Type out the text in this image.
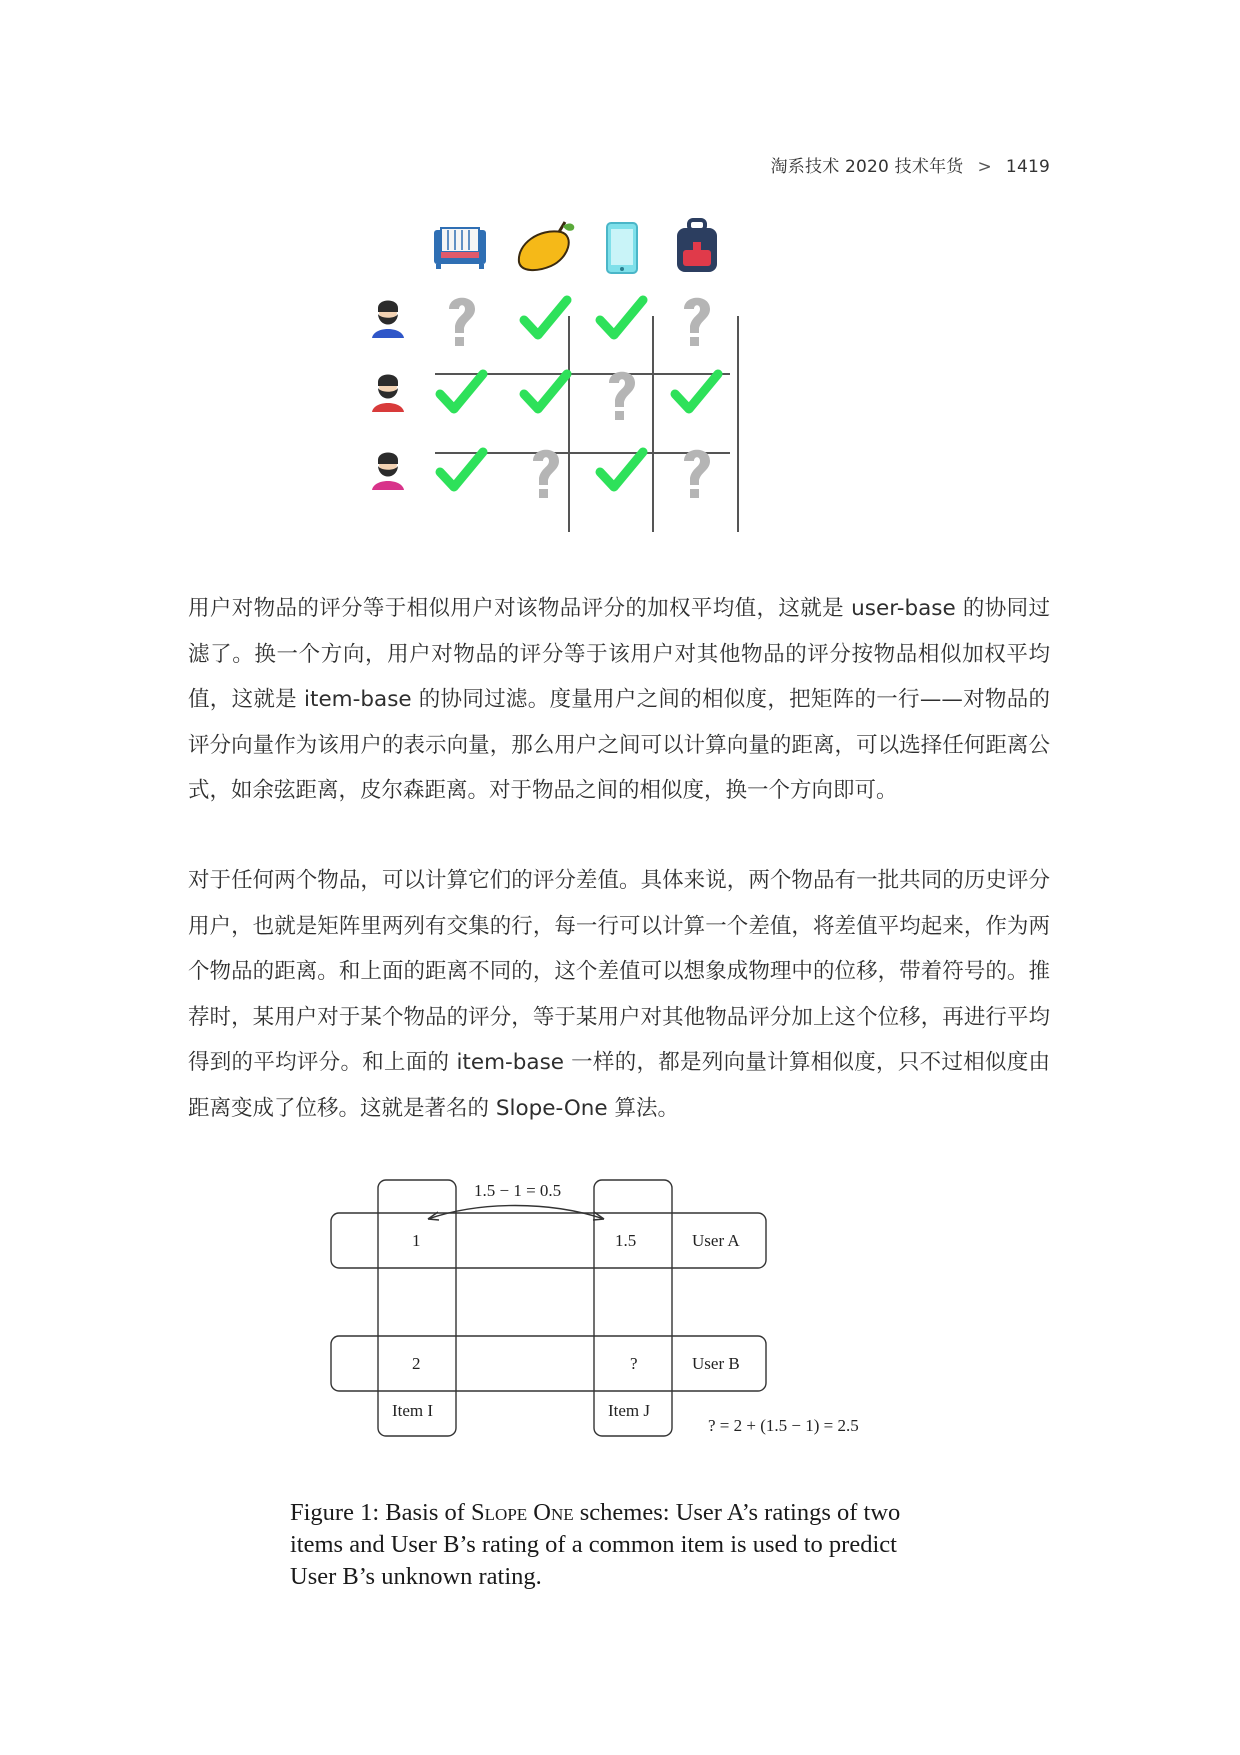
淘系技术 2020 技术年货 > 1419

用户对物品的评分等于相似用户对该物品评分的加权平均值，这就是 user-base 的协同过滤了。换一个方向，用户对物品的评分等于该用户对其他物品的评分按物品相似加权平均值，这就是 item-base 的协同过滤。度量用户之间的相似度，把矩阵的一行——对物品的评分向量作为该用户的表示向量，那么用户之间可以计算向量的距离，可以选择任何距离公式，如余弦距离，皮尔森距离。对于物品之间的相似度，换一个方向即可。

对于任何两个物品，可以计算它们的评分差值。具体来说，两个物品有一批共同的历史评分用户，也就是矩阵里两列有交集的行，每一行可以计算一个差值，将差值平均起来，作为两个物品的距离。和上面的距离不同的，这个差值可以想象成物理中的位移，带着符号的。推荐时，某用户对于某个物品的评分，等于某用户对其他物品评分加上这个位移，再进行平均得到的平均评分。和上面的 item-base 一样的，都是列向量计算相似度，只不过相似度由距离变成了位移。这就是著名的 Slope-One 算法。

1.5 − 1 = 0.5
1	1.5	User A
2	?	User B
Item I	Item J
? = 2 + (1.5 − 1) = 2.5

Figure 1: Basis of Slope One schemes: User A’s ratings of two items and User B’s rating of a common item is used to predict User B’s unknown rating.
